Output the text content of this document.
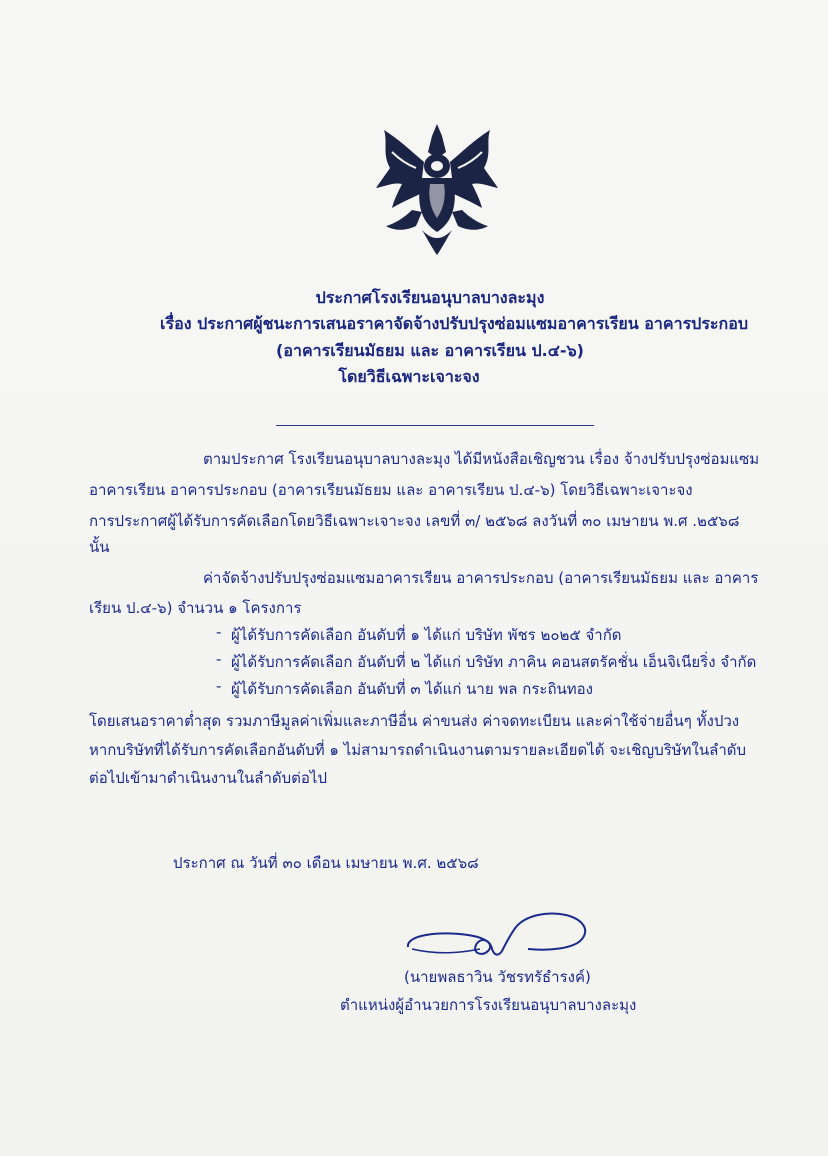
ประกาศโรงเรียนอนุบาลบางละมุง
เรื่อง ประกาศผู้ชนะการเสนอราคาจัดจ้างปรับปรุงซ่อมแซมอาคารเรียน อาคารประกอบ
(อาคารเรียนมัธยม และ อาคารเรียน ป.๔-๖)
โดยวิธีเฉพาะเจาะจง
ตามประกาศ โรงเรียนอนุบาลบางละมุง ได้มีหนังสือเชิญชวน เรื่อง จ้างปรับปรุงซ่อมแซม
อาคารเรียน อาคารประกอบ (อาคารเรียนมัธยม และ อาคารเรียน ป.๔-๖) โดยวิธีเฉพาะเจาะจง
การประกาศผู้ได้รับการคัดเลือกโดยวิธีเฉพาะเจาะจง เลขที่ ๓/ ๒๕๖๘ ลงวันที่ ๓๐ เมษายน พ.ศ .๒๕๖๘
นั้น
ค่าจัดจ้างปรับปรุงซ่อมแซมอาคารเรียน อาคารประกอบ (อาคารเรียนมัธยม และ อาคาร
เรียน ป.๔-๖) จำนวน ๑ โครงการ
- ผู้ได้รับการคัดเลือก อันดับที่ ๑ ได้แก่ บริษัท พัชร ๒๐๒๕ จำกัด
- ผู้ได้รับการคัดเลือก อันดับที่ ๒ ได้แก่ บริษัท ภาคิน คอนสตรัคชั่น เอ็นจิเนียริ่ง จำกัด
- ผู้ได้รับการคัดเลือก อันดับที่ ๓ ได้แก่ นาย พล กระถินทอง
โดยเสนอราคาต่ำสุด รวมภาษีมูลค่าเพิ่มและภาษีอื่น ค่าขนส่ง ค่าจดทะเบียน และค่าใช้จ่ายอื่นๆ ทั้งปวง
หากบริษัทที่ได้รับการคัดเลือกอันดับที่ ๑ ไม่สามารถดำเนินงานตามรายละเอียดได้ จะเชิญบริษัทในลำดับ
ต่อไปเข้ามาดำเนินงานในลำดับต่อไป
ประกาศ ณ วันที่ ๓๐ เดือน เมษายน พ.ศ. ๒๕๖๘
(นายพลธาวิน วัชรทรัธำรงค์)
ตำแหน่งผู้อำนวยการโรงเรียนอนุบาลบางละมุง
